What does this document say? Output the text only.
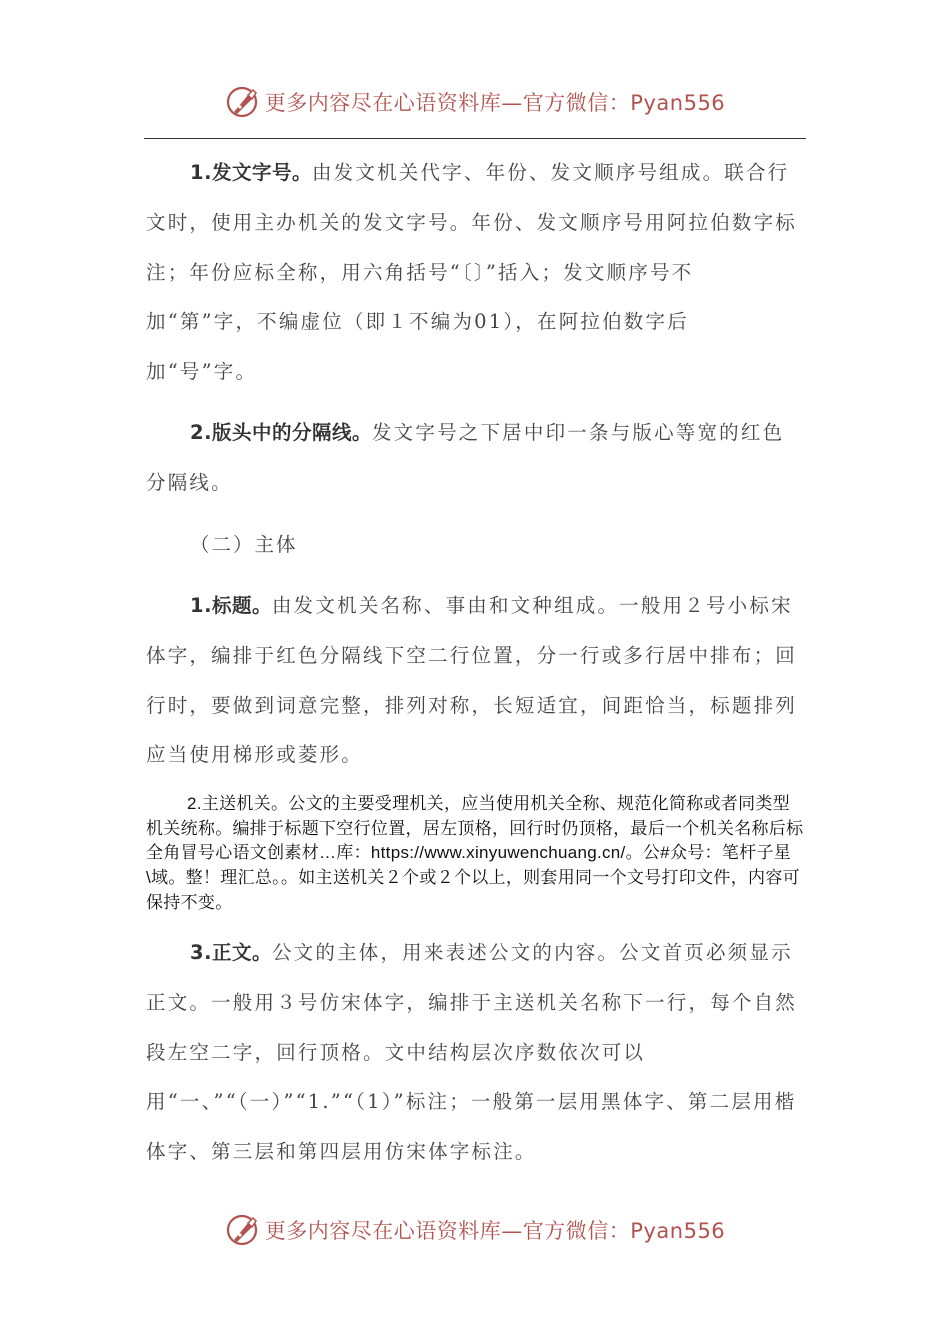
更多内容尽在心语资料库—官方微信：Pyan556

1.发文字号。由发文机关代字、年份、发文顺序号组成。联合行文时，使用主办机关的发文字号。年份、发文顺序号用阿拉伯数字标注；年份应标全称，用六角括号“〔〕”括入；发文顺序号不加“第”字，不编虚位（即１不编为01），在阿拉伯数字后加“号”字。

2.版头中的分隔线。发文字号之下居中印一条与版心等宽的红色分隔线。

（二）主体

1.标题。由发文机关名称、事由和文种组成。一般用２号小标宋体字，编排于红色分隔线下空二行位置，分一行或多行居中排布；回行时，要做到词意完整，排列对称，长短适宜，间距恰当，标题排列应当使用梯形或菱形。

2.主送机关。公文的主要受理机关，应当使用机关全称、规范化简称或者同类型机关统称。编排于标题下空行位置，居左顶格，回行时仍顶格，最后一个机关名称后标全角冒号心语文创素材…库：https://www.xinyuwenchuang.cn/。公#众号：笔杆子星\域。整！理汇总。。如主送机关２个或２个以上，则套用同一个文号打印文件，内容可保持不变。

3.正文。公文的主体，用来表述公文的内容。公文首页必须显示正文。一般用３号仿宋体字，编排于主送机关名称下一行，每个自然段左空二字，回行顶格。文中结构层次序数依次可以用“一、”“（一）”“1.”“（1）”标注；一般第一层用黑体字、第二层用楷体字、第三层和第四层用仿宋体字标注。

更多内容尽在心语资料库—官方微信：Pyan556
